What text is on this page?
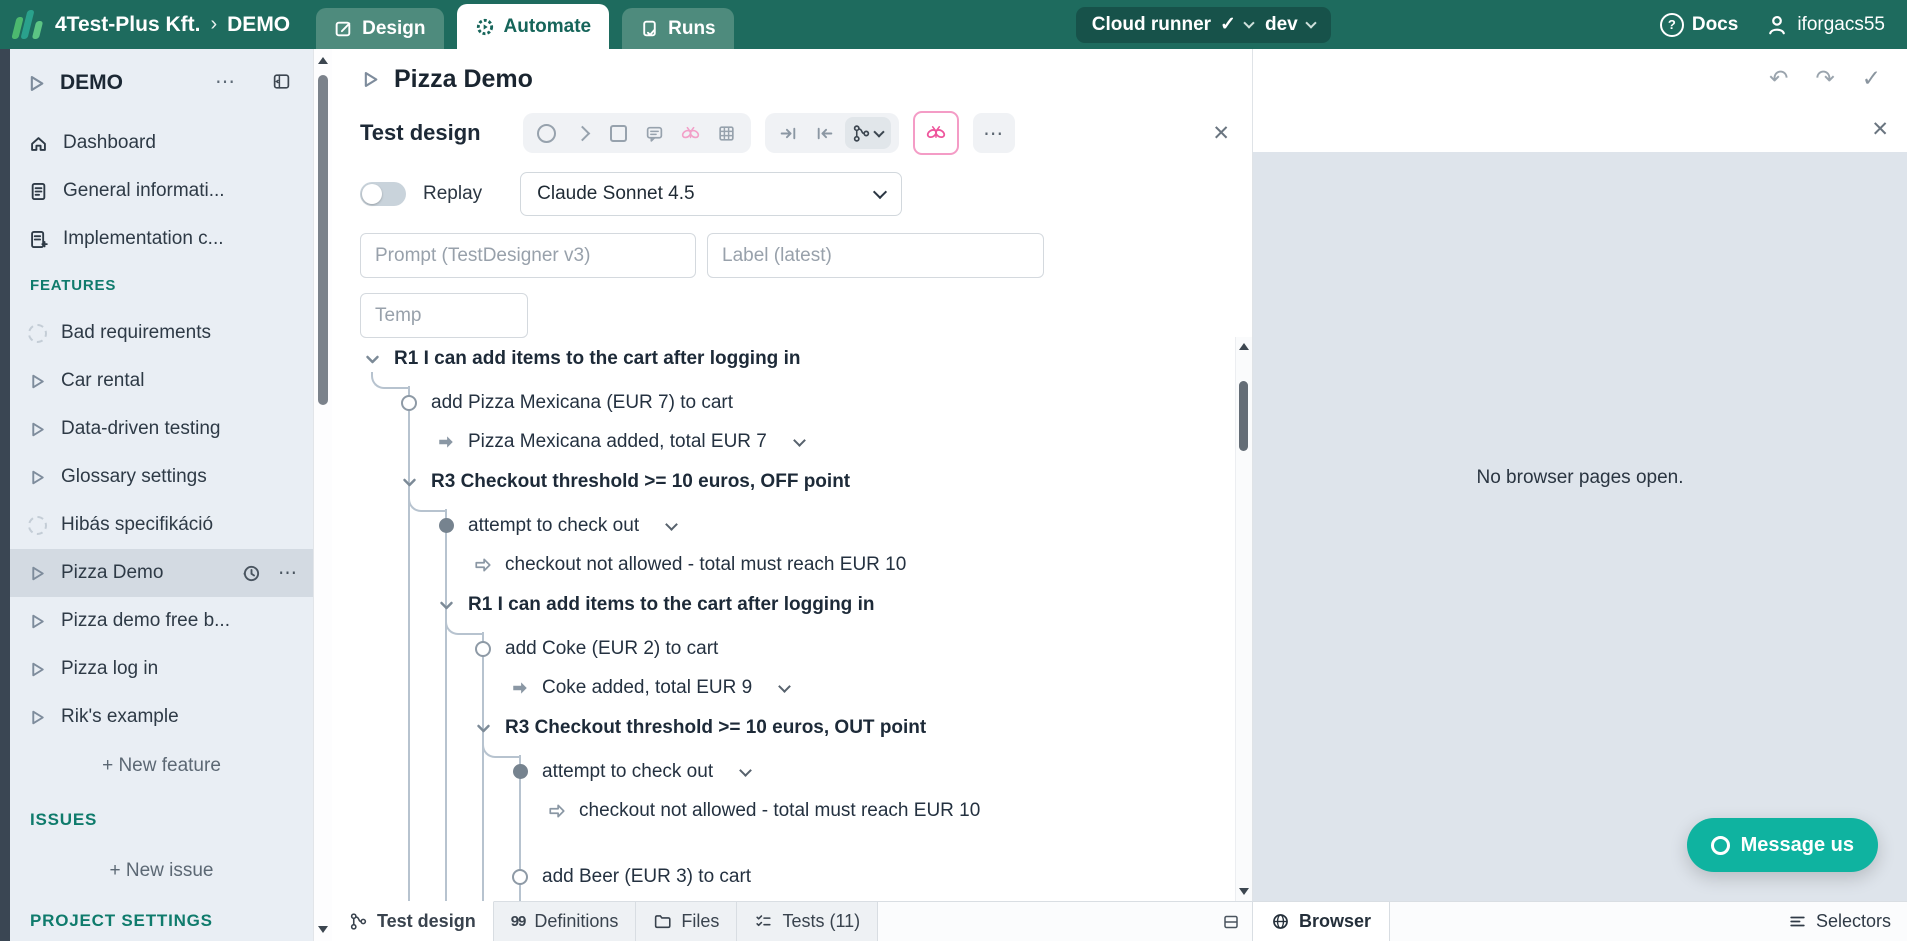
4Test-Plus Kft. › DEMO	Design	Automate	Runs	Cloud runner ✓ dev	? Docs	iforgacs55
DEMO	⋯
Dashboard
General informati...
Implementation c...
FEATURES
Bad requirements
Car rental
Data-driven testing
Glossary settings
Hibás specifikáció
Pizza Demo	⋯
Pizza demo free b...
Pizza log in
Rik's example
+ New feature
ISSUES
+ New issue
PROJECT SETTINGS
Pizza Demo
Test design	⋯	✕
Replay	Claude Sonnet 4.5
Prompt (TestDesigner v3)
Label (latest)
Temp
R1 I can add items to the cart after logging in
add Pizza Mexicana (EUR 7) to cart
Pizza Mexicana added, total EUR 7
R3 Checkout threshold >= 10 euros, OFF point
attempt to check out
checkout not allowed - total must reach EUR 10
R1 I can add items to the cart after logging in
add Coke (EUR 2) to cart
Coke added, total EUR 9
R3 Checkout threshold >= 10 euros, OUT point
attempt to check out
checkout not allowed - total must reach EUR 10
add Beer (EUR 3) to cart
↶ ↷ ✓
✕
No browser pages open.
Message us
Test design 99 Definitions	Files	Tests (11)	Browser	Selectors
